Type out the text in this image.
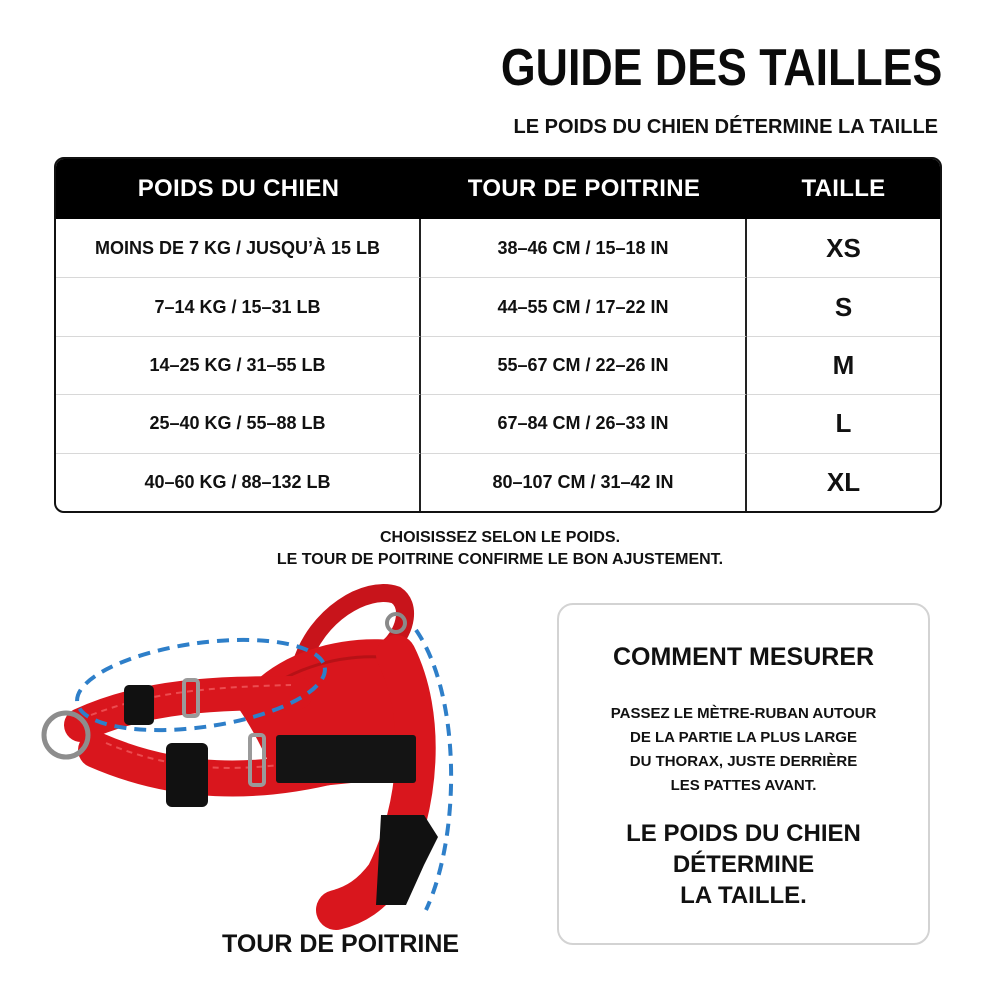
GUIDE DES TAILLES
LE POIDS DU CHIEN DÉTERMINE LA TAILLE
POIDS DU CHIEN	TOUR DE POITRINE	TAILLE
MOINS DE 7 KG / JUSQU’À 15 LB	38–46 CM / 15–18 IN	XS
7–14 KG / 15–31 LB	44–55 CM / 17–22 IN	S
14–25 KG / 31–55 LB	55–67 CM / 22–26 IN	M
25–40 KG / 55–88 LB	67–84 CM / 26–33 IN	L
40–60 KG / 88–132 LB	80–107 CM / 31–42 IN	XL
CHOISISSEZ SELON LE POIDS.
LE TOUR DE POITRINE CONFIRME LE BON AJUSTEMENT.
TOUR DE POITRINE
COMMENT MESURER
PASSEZ LE MÈTRE-RUBAN AUTOUR
DE LA PARTIE LA PLUS LARGE
DU THORAX, JUSTE DERRIÈRE
LES PATTES AVANT.
LE POIDS DU CHIEN
DÉTERMINE
LA TAILLE.
